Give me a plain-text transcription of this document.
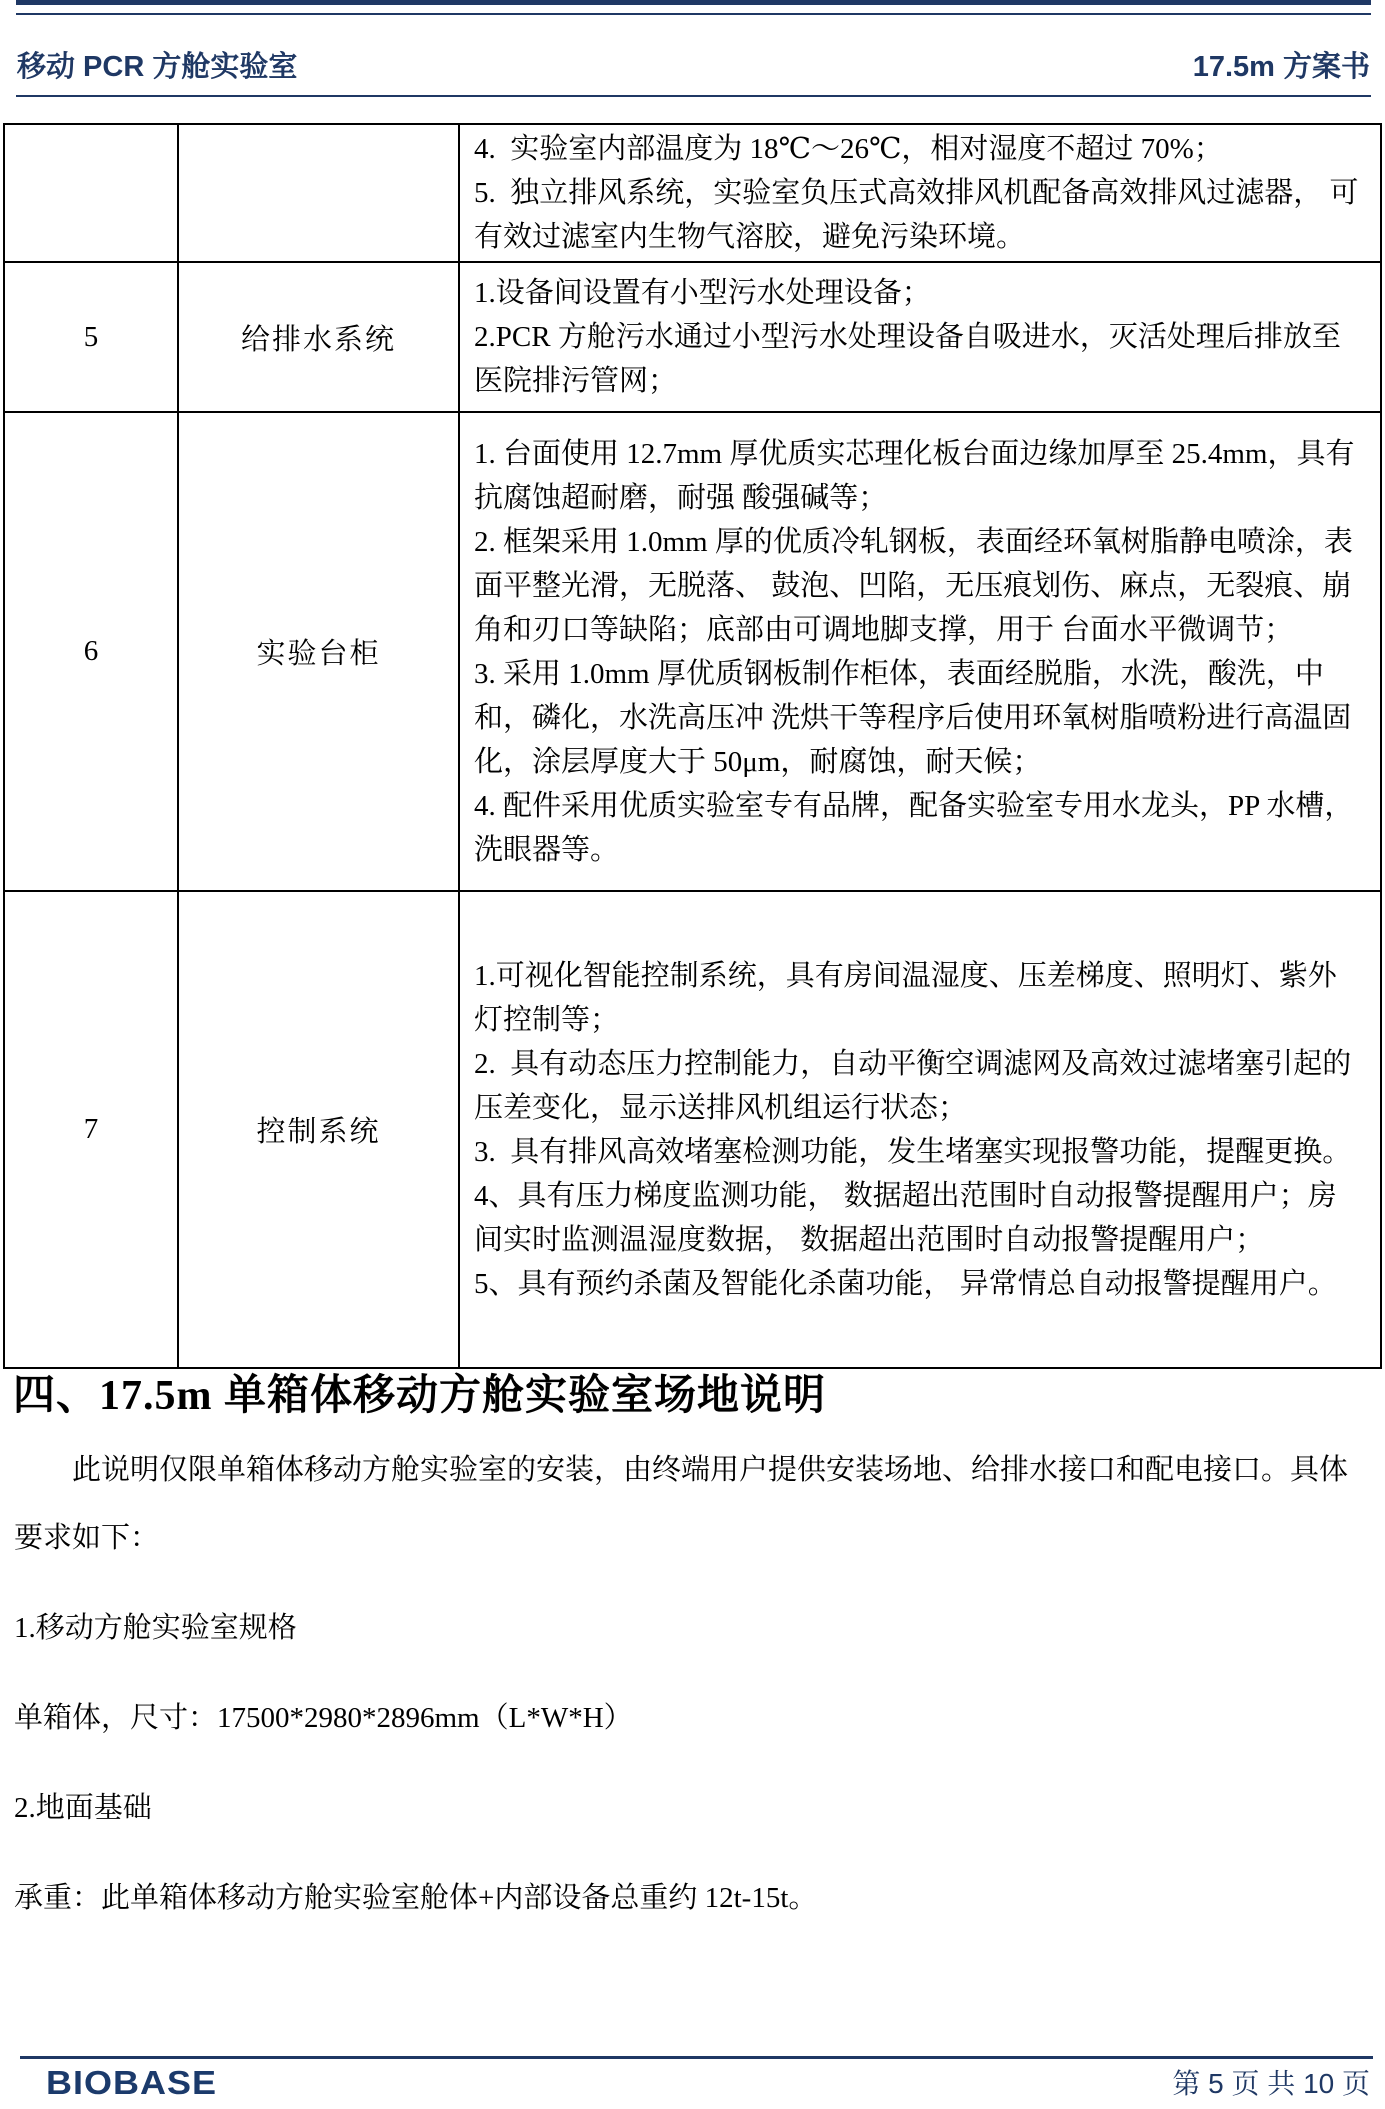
移动 PCR 方舱实验室	17.5m 方案书

		4.  实验室内部温度为 18℃～26℃，相对湿度不超过 70%；

5.  独立排风系统，实验室负压式高效排风机配备高效排风过滤器， 可有效过滤室内生物气溶胶，避免污染环境。

5	给排水系统	1.设备间设置有小型污水处理设备；

2.PCR 方舱污水通过小型污水处理设备自吸进水，灭活处理后排放至医院排污管网；

6	实验台柜	1. 台面使用 12.7mm 厚优质实芯理化板台面边缘加厚至 25.4mm，具有抗腐蚀超耐磨，耐强 酸强碱等；

2. 框架采用 1.0mm 厚的优质冷轧钢板，表面经环氧树脂静电喷涂，表面平整光滑，无脱落、 鼓泡、凹陷，无压痕划伤、麻点，无裂痕、崩角和刃口等缺陷；底部由可调地脚支撑，用于 台面水平微调节；

3. 采用 1.0mm 厚优质钢板制作柜体，表面经脱脂，水洗，酸洗，中和，磷化，水洗高压冲 洗烘干等程序后使用环氧树脂喷粉进行高温固化，涂层厚度大于 50μm，耐腐蚀，耐天候；

4. 配件采用优质实验室专有品牌，配备实验室专用水龙头，PP 水槽，洗眼器等。

7	控制系统	1.可视化智能控制系统，具有房间温湿度、压差梯度、照明灯、紫外灯控制等；

2.  具有动态压力控制能力，自动平衡空调滤网及高效过滤堵塞引起的压差变化，显示送排风机组运行状态；

3.  具有排风高效堵塞检测功能，发生堵塞实现报警功能，提醒更换。

4、具有压力梯度监测功能， 数据超出范围时自动报警提醒用户；房间实时监测温湿度数据， 数据超出范围时自动报警提醒用户；

5、具有预约杀菌及智能化杀菌功能， 异常情总自动报警提醒用户。

四、17.5m 单箱体移动方舱实验室场地说明

此说明仅限单箱体移动方舱实验室的安装，由终端用户提供安装场地、给排水接口和配电接口。具体要求如下：

1.移动方舱实验室规格

单箱体，尺寸：17500*2980*2896mm（L*W*H）

2.地面基础

承重：此单箱体移动方舱实验室舱体+内部设备总重约 12t-15t。

BIOBASE	第 5 页 共 10 页
